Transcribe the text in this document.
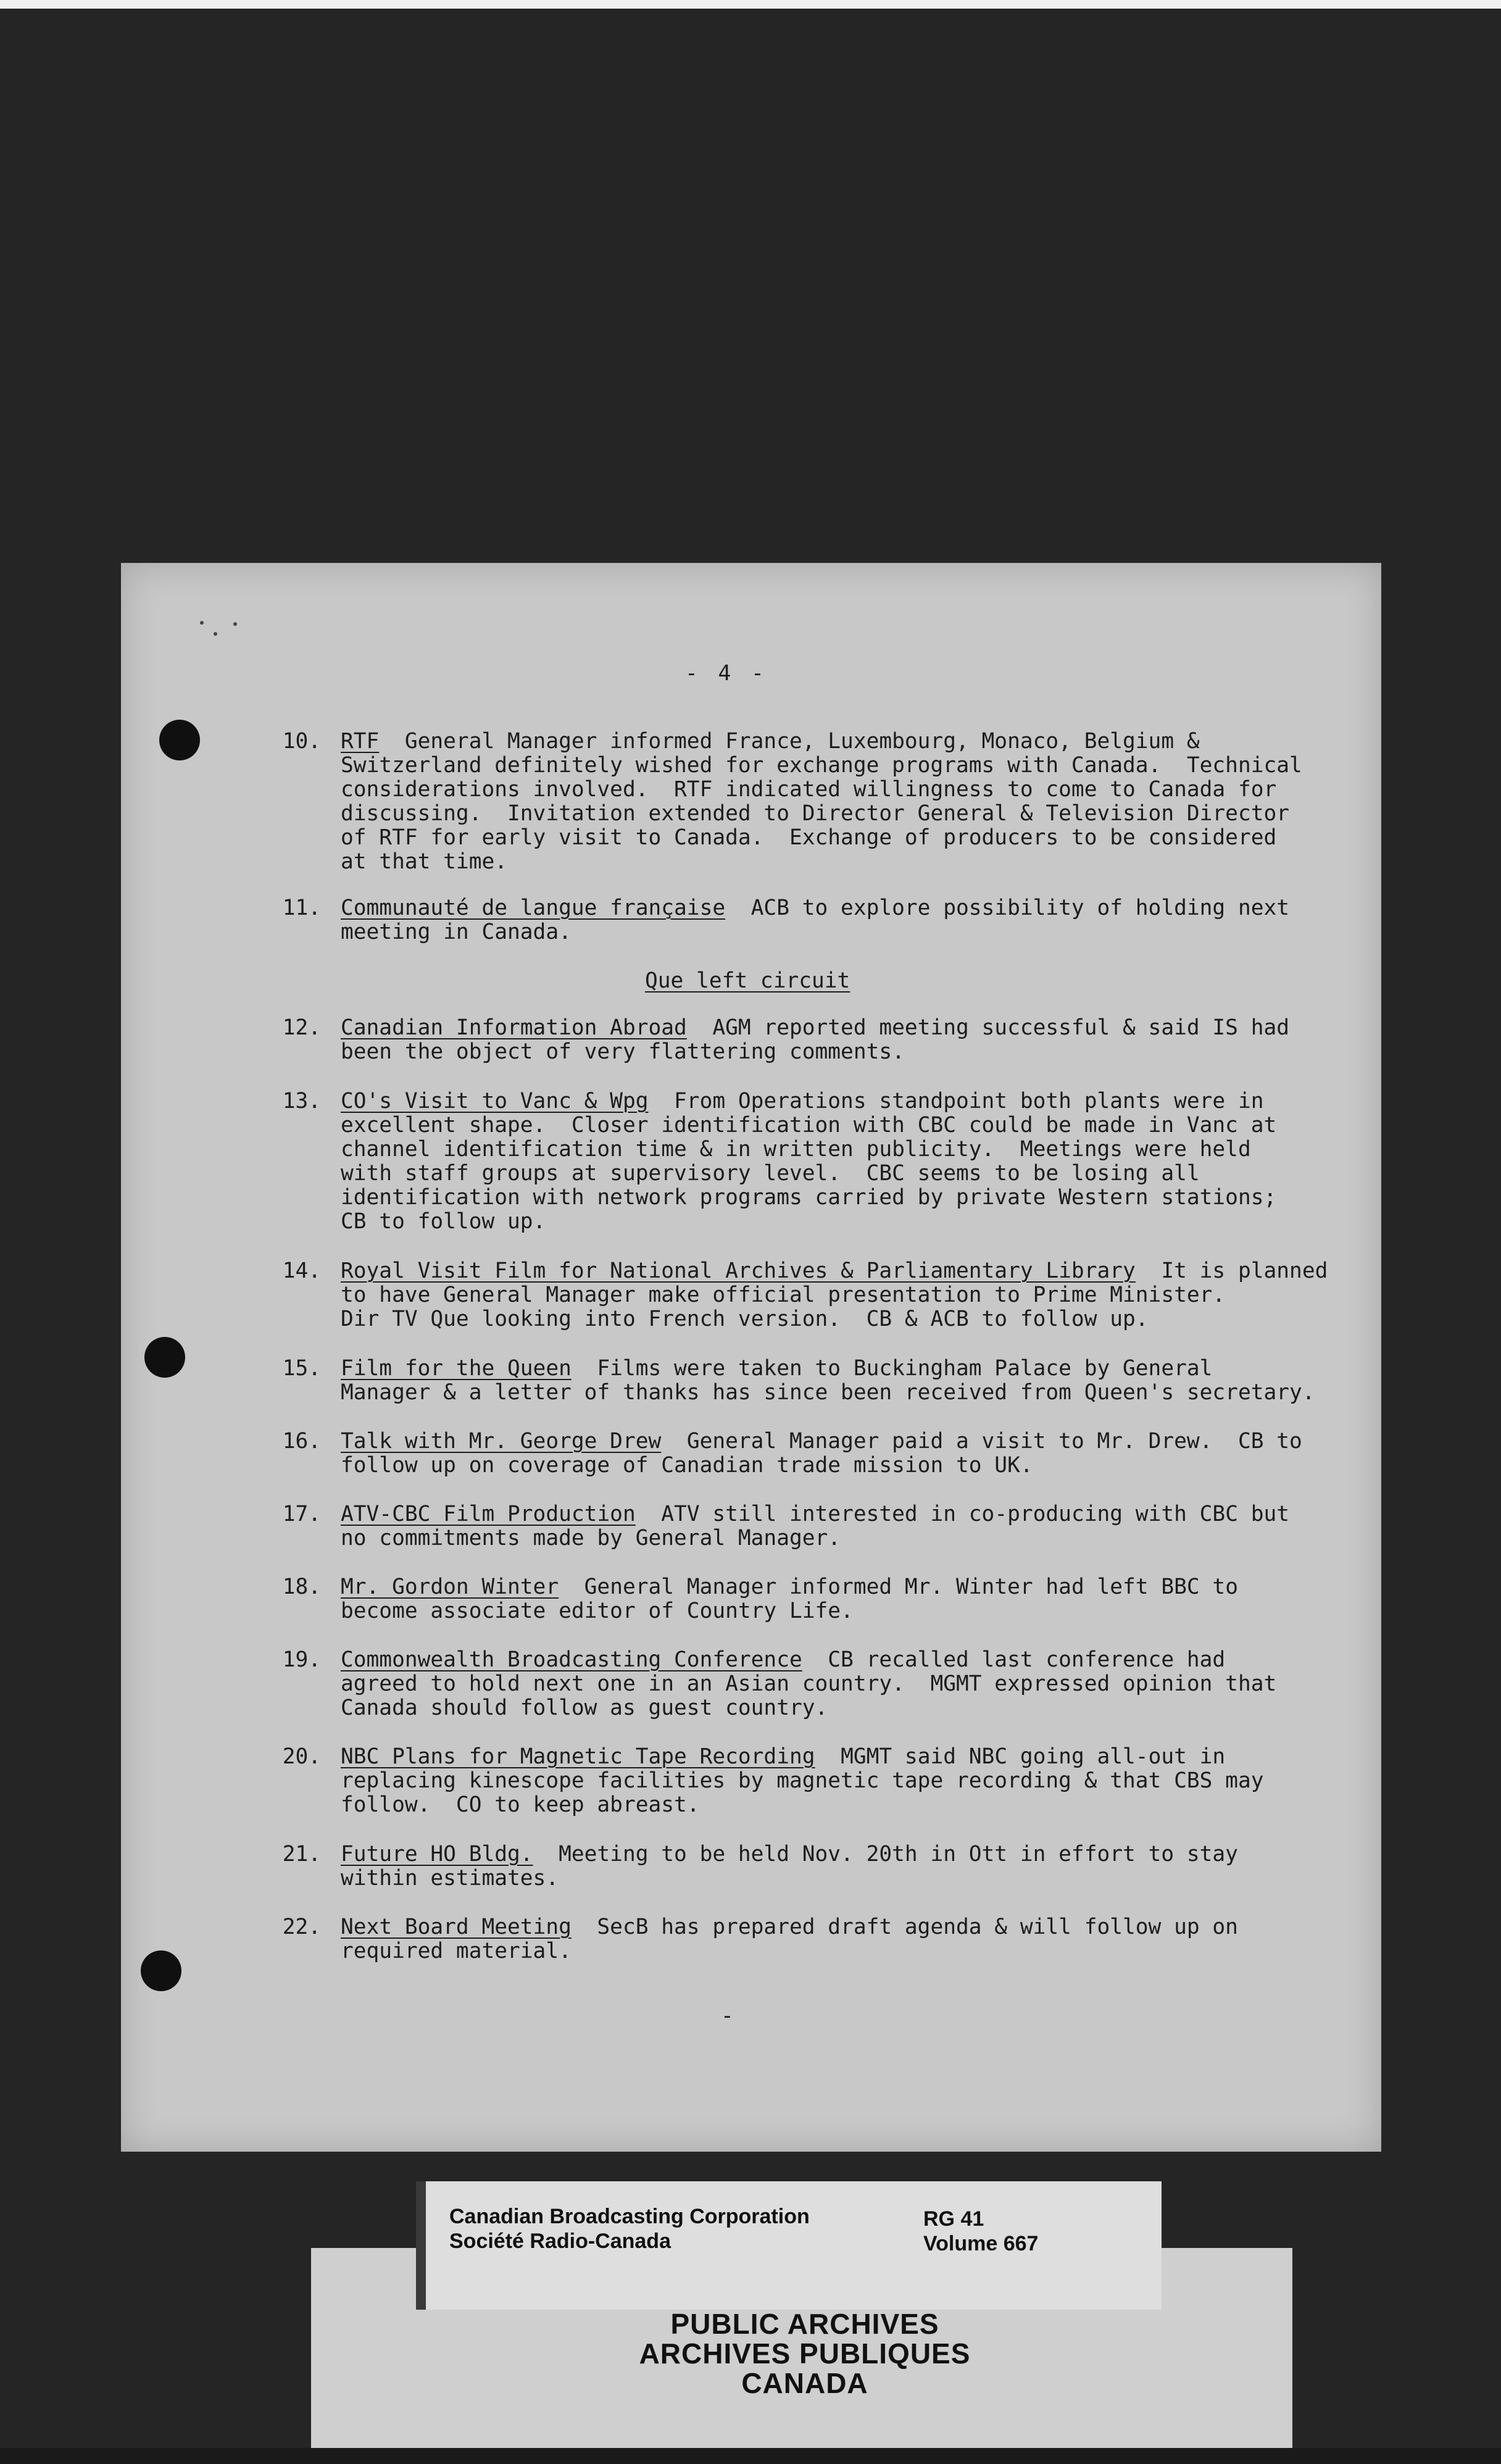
- 4 -
10. RTF  General Manager informed France, Luxembourg, Monaco, Belgium &
Switzerland definitely wished for exchange programs with Canada.  Technical
considerations involved.  RTF indicated willingness to come to Canada for
discussing.  Invitation extended to Director General & Television Director
of RTF for early visit to Canada.  Exchange of producers to be considered
at that time.
11. Communauté de langue française  ACB to explore possibility of holding next
meeting in Canada.
Que left circuit
12. Canadian Information Abroad  AGM reported meeting successful & said IS had
been the object of very flattering comments.
13. CO's Visit to Vanc & Wpg  From Operations standpoint both plants were in
excellent shape.  Closer identification with CBC could be made in Vanc at
channel identification time & in written publicity.  Meetings were held
with staff groups at supervisory level.  CBC seems to be losing all
identification with network programs carried by private Western stations;
CB to follow up.
14. Royal Visit Film for National Archives & Parliamentary Library  It is planned
to have General Manager make official presentation to Prime Minister.
Dir TV Que looking into French version.  CB & ACB to follow up.
15. Film for the Queen  Films were taken to Buckingham Palace by General
Manager & a letter of thanks has since been received from Queen's secretary.
16. Talk with Mr. George Drew  General Manager paid a visit to Mr. Drew.  CB to
follow up on coverage of Canadian trade mission to UK.
17. ATV-CBC Film Production  ATV still interested in co-producing with CBC but
no commitments made by General Manager.
18. Mr. Gordon Winter  General Manager informed Mr. Winter had left BBC to
become associate editor of Country Life.
19. Commonwealth Broadcasting Conference  CB recalled last conference had
agreed to hold next one in an Asian country.  MGMT expressed opinion that
Canada should follow as guest country.
20. NBC Plans for Magnetic Tape Recording  MGMT said NBC going all-out in
replacing kinescope facilities by magnetic tape recording & that CBS may
follow.  CO to keep abreast.
21. Future HO Bldg.  Meeting to be held Nov. 20th in Ott in effort to stay
within estimates.
22. Next Board Meeting  SecB has prepared draft agenda & will follow up on
required material.
-
Canadian Broadcasting Corporation
Société Radio-Canada
RG 41
Volume 667
PUBLIC ARCHIVES
ARCHIVES PUBLIQUES
CANADA
